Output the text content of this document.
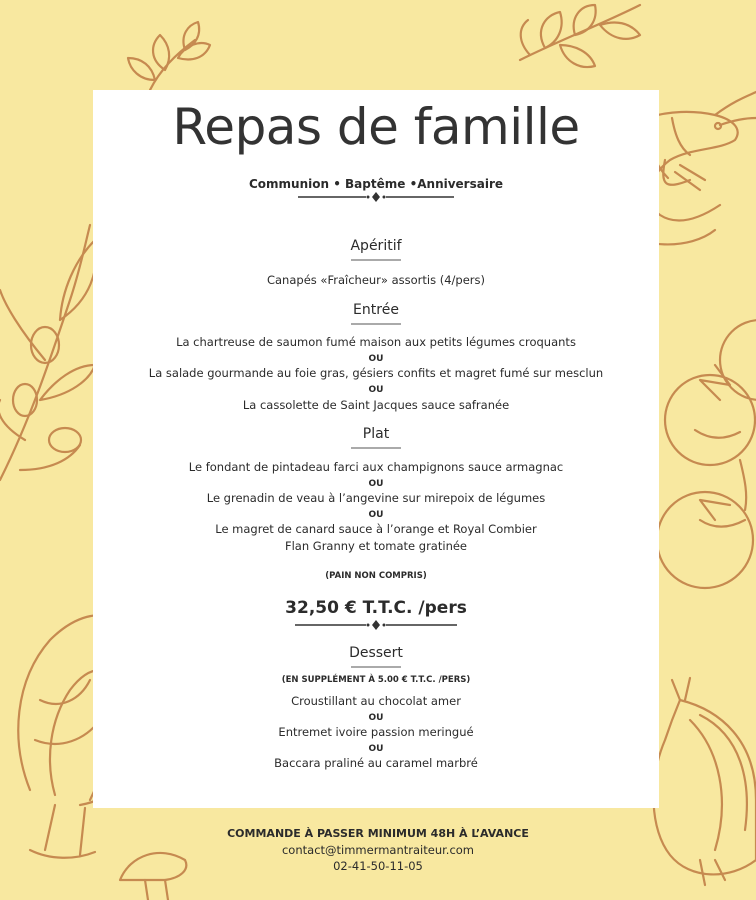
Repas de famille
Communion • Baptême •Anniversaire
Apéritif
Canapés «Fraîcheur» assortis (4/pers)
Entrée
La chartreuse de saumon fumé maison aux petits légumes croquants
OU
La salade gourmande au foie gras, gésiers confits et magret fumé sur mesclun
OU
La cassolette de Saint Jacques sauce safranée
Plat
Le fondant de pintadeau farci aux champignons sauce armagnac
OU
Le grenadin de veau à l’angevine sur mirepoix de légumes
OU
Le magret de canard sauce à l’orange et Royal Combier
Flan Granny et tomate gratinée
(PAIN NON COMPRIS)
32,50 € T.T.C. /pers
Dessert
(EN SUPPLÉMENT À 5.00 € T.T.C. /PERS)
Croustillant au chocolat amer
OU
Entremet ivoire passion meringué
OU
Baccara praliné au caramel marbré
COMMANDE À PASSER MINIMUM 48H À L’AVANCE
contact@timmermantraiteur.com
02-41-50-11-05
